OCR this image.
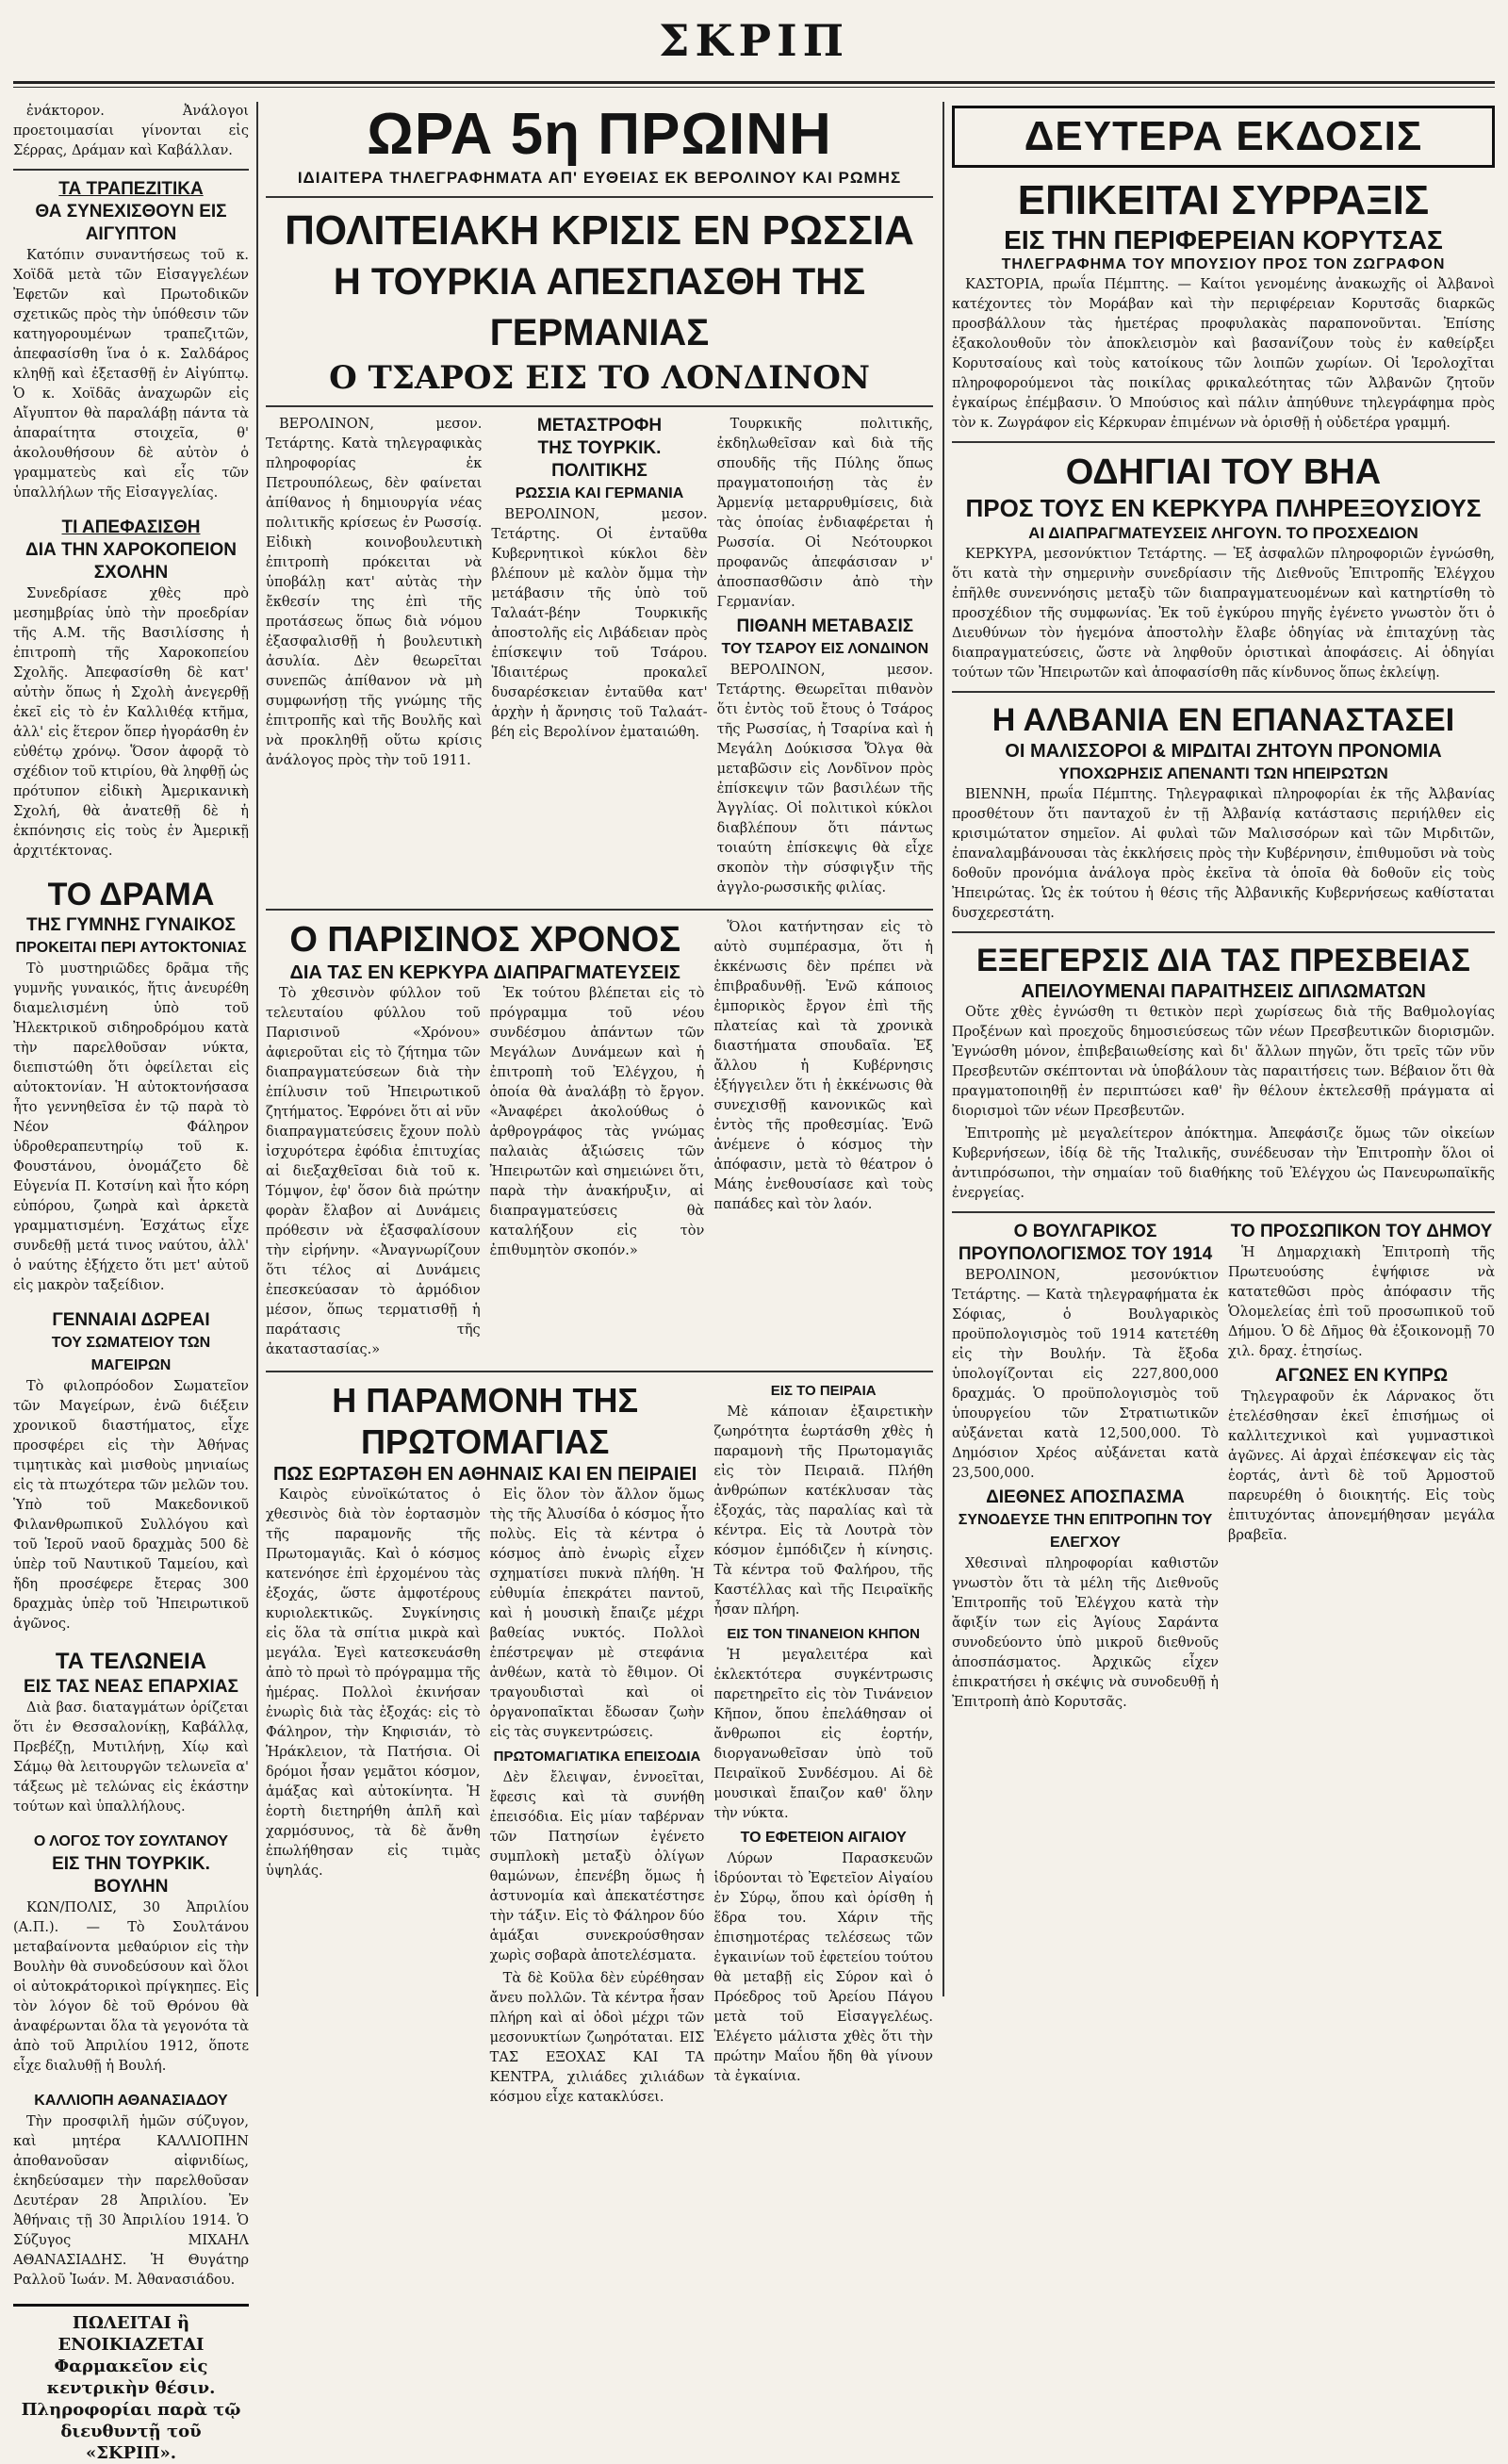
ΣΚΡΙΠ

ἐνάκτορον. Ἀνάλογοι προετοιμασίαι γίνονται εἰς Σέρρας, Δράμαν καὶ Καβάλλαν.

ΤΑ ΤΡΑΠΕΖΙΤΙΚΑ
ΘΑ ΣΥΝΕΧΙΣΘΟΥΝ ΕΙΣ ΑΙΓΥΠΤΟΝ

Κατόπιν συναντήσεως τοῦ κ. Χοϊδᾶ μετὰ τῶν Εἰσαγγελέων Ἐφετῶν καὶ Πρωτοδικῶν σχετικῶς πρὸς τὴν ὑπόθεσιν τῶν κατηγορουμένων τραπεζιτῶν, ἀπεφασίσθη ἵνα ὁ κ. Σαλδάρος κληθῇ καὶ ἐξετασθῇ ἐν Αἰγύπτῳ. Ὁ κ. Χοϊδᾶς ἀναχωρῶν εἰς Αἴγυπτον θὰ παραλάβῃ πάντα τὰ ἀπαραίτητα στοιχεῖα, θ' ἀκολουθήσουν δὲ αὐτὸν ὁ γραμματεὺς καὶ εἷς τῶν ὑπαλλήλων τῆς Εἰσαγγελίας.

ΤΙ ΑΠΕΦΑΣΙΣΘΗ
ΔΙΑ ΤΗΝ ΧΑΡΟΚΟΠΕΙΟΝ ΣΧΟΛΗΝ

Συνεδρίασε χθὲς πρὸ μεσημβρίας ὑπὸ τὴν προεδρίαν τῆς Α.Μ. τῆς Βασιλίσσης ἡ ἐπιτροπὴ τῆς Χαροκοπείου Σχολῆς. Ἀπεφασίσθη δὲ κατ' αὐτὴν ὅπως ἡ Σχολὴ ἀνεγερθῇ ἐκεῖ εἰς τὸ ἐν Καλλιθέᾳ κτῆμα, ἀλλ' εἰς ἕτερον ὅπερ ἠγοράσθη ἐν εὐθέτῳ χρόνῳ. Ὅσον ἀφορᾷ τὸ σχέδιον τοῦ κτιρίου, θὰ ληφθῇ ὡς πρότυπον εἰδικὴ Ἀμερικανικὴ Σχολή, θὰ ἀνατεθῇ δὲ ἡ ἐκπόνησις εἰς τοὺς ἐν Ἀμερικῇ ἀρχιτέκτονας.

ΤΟ ΔΡΑΜΑ
ΤΗΣ ΓΥΜΝΗΣ ΓΥΝΑΙΚΟΣ
ΠΡΟΚΕΙΤΑΙ ΠΕΡΙ ΑΥΤΟΚΤΟΝΙΑΣ

Τὸ μυστηριῶδες δρᾶμα τῆς γυμνῆς γυναικός, ἥτις ἀνευρέθη διαμελισμένη ὑπὸ τοῦ Ἠλεκτρικοῦ σιδηροδρόμου κατὰ τὴν παρελθοῦσαν νύκτα, διεπιστώθη ὅτι ὀφείλεται εἰς αὐτοκτονίαν. Ἡ αὐτοκτονήσασα ἦτο γεννηθεῖσα ἐν τῷ παρὰ τὸ Νέον Φάληρον ὑδροθεραπευτηρίῳ τοῦ κ. Φουστάνου, ὀνομάζετο δὲ Εὐγενία Π. Κοτσίνη καὶ ἦτο κόρη εὐπόρου, ζωηρὰ καὶ ἀρκετὰ γραμματισμένη. Ἐσχάτως εἶχε συνδεθῇ μετά τινος ναύτου, ἀλλ' ὁ ναύτης ἐξήχετο ὅτι μετ' αὐτοῦ εἰς μακρὸν ταξείδιον.

ΓΕΝΝΑΙΑΙ ΔΩΡΕΑΙ
ΤΟΥ ΣΩΜΑΤΕΙΟΥ ΤΩΝ ΜΑΓΕΙΡΩΝ

Τὸ φιλοπρόοδον Σωματεῖον τῶν Μαγείρων, ἐνῶ διέξειν χρονικοῦ διαστήματος, εἶχε προσφέρει εἰς τὴν Ἀθήνας τιμητικὰς καὶ μισθοὺς μηνιαίως εἰς τὰ πτωχότερα τῶν μελῶν του. Ὑπὸ τοῦ Μακεδονικοῦ Φιλανθρωπικοῦ Συλλόγου καὶ τοῦ Ἱεροῦ ναοῦ δραχμὰς 500 δὲ ὑπὲρ τοῦ Ναυτικοῦ Ταμείου, καὶ ἤδη προσέφερε ἔτερας 300 δραχμὰς ὑπὲρ τοῦ Ἠπειρωτικοῦ ἀγῶνος.

ΤΑ ΤΕΛΩΝΕΙΑ
ΕΙΣ ΤΑΣ ΝΕΑΣ ΕΠΑΡΧΙΑΣ

Διὰ βασ. διαταγμάτων ὁρίζεται ὅτι ἐν Θεσσαλονίκῃ, Καβάλλᾳ, Πρεβέζῃ, Μυτιλήνῃ, Χίῳ καὶ Σάμῳ θὰ λειτουργῶν τελωνεῖα α' τάξεως μὲ τελώνας εἰς ἑκάστην τούτων καὶ ὑπαλλήλους.

Ο ΛΟΓΟΣ ΤΟΥ ΣΟΥΛΤΑΝΟΥ
ΕΙΣ ΤΗΝ ΤΟΥΡΚΙΚ. ΒΟΥΛΗΝ

ΚΩΝ/ΠΟΛΙΣ, 30 Ἀπριλίου (Α.Π.). — Τὸ Σουλτάνου μεταβαίνοντα μεθαύριον εἰς τὴν Βουλὴν θὰ συνοδεύσουν καὶ ὅλοι οἱ αὐτοκράτορικοὶ πρίγκηπες. Εἰς τὸν λόγον δὲ τοῦ Θρόνου θὰ ἀναφέρωνται ὅλα τὰ γεγονότα τὰ ἀπὸ τοῦ Ἀπριλίου 1912, ὅποτε εἶχε διαλυθῇ ἡ Βουλή.

ΚΑΛΛΙΟΠΗ ΑΘΑΝΑΣΙΑΔΟΥ

Τὴν προσφιλῆ ἡμῶν σύζυγον, καὶ μητέρα ΚΑΛΛΙΟΠΗΝ ἀποθανοῦσαν αἰφνιδίως, ἐκηδεύσαμεν τὴν παρελθοῦσαν Δευτέραν 28 Ἀπριλίου. Ἐν Ἀθήναις τῇ 30 Ἀπριλίου 1914. Ὁ Σύζυγος ΜΙΧΑΗΛ ΑΘΑΝΑΣΙΑΔΗΣ. Ἡ Θυγάτηρ Ραλλοῦ Ἰωάν. Μ. Ἀθανασιάδου.

ΠΩΛΕΙΤΑΙ ἢ ΕΝΟΙΚΙΑΖΕΤΑΙ Φαρμακεῖον εἰς κεντρικὴν θέσιν. Πληροφορίαι παρὰ τῷ διευθυντῇ τοῦ «ΣΚΡΙΠ».
ΩΡΑ 5η ΠΡΩΙΝΗ
ΙΔΙΑΙΤΕΡΑ ΤΗΛΕΓΡΑΦΗΜΑΤΑ ΑΠ' ΕΥΘΕΙΑΣ ΕΚ ΒΕΡΟΛΙΝΟΥ ΚΑΙ ΡΩΜΗΣ
ΠΟΛΙΤΕΙΑΚΗ ΚΡΙΣΙΣ ΕΝ ΡΩΣΣΙΑ
Η ΤΟΥΡΚΙΑ ΑΠΕΣΠΑΣΘΗ ΤΗΣ ΓΕΡΜΑΝΙΑΣ
Ο ΤΣΑΡΟΣ ΕΙΣ ΤΟ ΛΟΝΔΙΝΟΝ

ΒΕΡΟΛΙΝΟΝ, μεσον. Τετάρτης. Κατὰ τηλεγραφικὰς πληροφορίας ἐκ Πετρουπόλεως, δὲν φαίνεται ἀπίθανος ἡ δημιουργία νέας πολιτικῆς κρίσεως ἐν Ρωσσίᾳ. Εἰδικὴ κοινοβουλευτικὴ ἐπιτροπὴ πρόκειται νὰ ὑποβάλῃ κατ' αὐτὰς τὴν ἔκθεσίν της ἐπὶ τῆς προτάσεως ὅπως διὰ νόμου ἐξασφαλισθῇ ἡ βουλευτικὴ ἀσυλία. Δὲν θεωρεῖται συνεπῶς ἀπίθανον νὰ μὴ συμφωνήσῃ τῆς γνώμης τῆς ἐπιτροπῆς καὶ τῆς Βουλῆς καὶ νὰ προκληθῇ οὕτω κρίσις ἀνάλογος πρὸς τὴν τοῦ 1911.

ΜΕΤΑΣΤΡΟΦΗ
ΤΗΣ ΤΟΥΡΚΙΚ. ΠΟΛΙΤΙΚΗΣ
ΡΩΣΣΙΑ ΚΑΙ ΓΕΡΜΑΝΙΑ

ΒΕΡΟΛΙΝΟΝ, μεσον. Τετάρτης. Οἱ ἐνταῦθα Κυβερνητικοὶ κύκλοι δὲν βλέπουν μὲ καλὸν ὄμμα τὴν μετάβασιν τῆς ὑπὸ τοῦ Ταλαάτ-βέην Τουρκικῆς ἀποστολῆς εἰς Λιβάδειαν πρὸς ἐπίσκεψιν τοῦ Τσάρου. Ἰδιαιτέρως προκαλεῖ δυσαρέσκειαν ἐνταῦθα κατ' ἀρχὴν ἡ ἄρνησις τοῦ Ταλαάτ-βέη εἰς Βερολίνον ἐματαιώθη.

Τουρκικῆς πολιτικῆς, ἐκδηλωθεῖσαν καὶ διὰ τῆς σπουδῆς τῆς Πύλης ὅπως πραγματοποιήσῃ τὰς ἐν Ἀρμενίᾳ μεταρρυθμίσεις, διὰ τὰς ὁποίας ἐνδιαφέρεται ἡ Ρωσσία. Οἱ Νεότουρκοι προφανῶς ἀπεφάσισαν ν' ἀποσπασθῶσιν ἀπὸ τὴν Γερμανίαν.

ΠΙΘΑΝΗ ΜΕΤΑΒΑΣΙΣ
ΤΟΥ ΤΣΑΡΟΥ ΕΙΣ ΛΟΝΔΙΝΟΝ

ΒΕΡΟΛΙΝΟΝ, μεσον. Τετάρτης. Θεωρεῖται πιθανὸν ὅτι ἐντὸς τοῦ ἔτους ὁ Τσάρος τῆς Ρωσσίας, ἡ Τσαρίνα καὶ ἡ Μεγάλη Δούκισσα Ὄλγα θὰ μεταβῶσιν εἰς Λονδῖνον πρὸς ἐπίσκεψιν τῶν βασιλέων τῆς Ἀγγλίας. Οἱ πολιτικοὶ κύκλοι διαβλέπουν ὅτι πάντως τοιαύτη ἐπίσκεψις θὰ εἶχε σκοπὸν τὴν σύσφιγξιν τῆς ἀγγλο-ρωσσικῆς φιλίας.

Ο ΠΑΡΙΣΙΝΟΣ ΧΡΟΝΟΣ
ΔΙΑ ΤΑΣ ΕΝ ΚΕΡΚΥΡΑ ΔΙΑΠΡΑΓΜΑΤΕΥΣΕΙΣ

Τὸ χθεσινὸν φύλλον τοῦ τελευταίου φύλλου τοῦ Παρισινοῦ «Χρόνου» ἀφιεροῦται εἰς τὸ ζήτημα τῶν διαπραγματεύσεων διὰ τὴν ἐπίλυσιν τοῦ Ἠπειρωτικοῦ ζητήματος. Ἐφρόνει ὅτι αἱ νῦν διαπραγματεύσεις ἔχουν πολὺ ἰσχυρότερα ἐφόδια ἐπιτυχίας αἱ διεξαχθεῖσαι διὰ τοῦ κ. Τόμψον, ἐφ' ὅσον διὰ πρώτην φορὰν ἔλαβον αἱ Δυνάμεις πρόθεσιν νὰ ἐξασφαλίσουν τὴν εἰρήνην. «Ἀναγνωρίζουν ὅτι τέλος αἱ Δυνάμεις ἐπεσκεύασαν τὸ ἀρμόδιον μέσον, ὅπως τερματισθῇ ἡ παράτασις τῆς ἀκαταστασίας.»

Ἐκ τούτου βλέπεται εἰς τὸ πρόγραμμα τοῦ νέου συνδέσμου ἀπάντων τῶν Μεγάλων Δυνάμεων καὶ ἡ ἐπιτροπὴ τοῦ Ἐλέγχου, ἡ ὁποία θὰ ἀναλάβῃ τὸ ἔργον. «Ἀναφέρει ἀκολούθως ὁ ἀρθρογράφος τὰς γνώμας παλαιὰς ἀξιώσεις τῶν Ἠπειρωτῶν καὶ σημειώνει ὅτι, παρὰ τὴν ἀνακήρυξιν, αἱ διαπραγματεύσεις θὰ καταλήξουν εἰς τὸν ἐπιθυμητὸν σκοπόν.»

Ὅλοι κατήντησαν εἰς τὸ αὐτὸ συμπέρασμα, ὅτι ἡ ἐκκένωσις δὲν πρέπει νὰ ἐπιβραδυνθῇ. Ἐνῶ κάποιος ἐμπορικὸς ἔργον ἐπὶ τῆς πλατείας καὶ τὰ χρονικὰ διαστήματα σπουδαῖα. Ἐξ ἄλλου ἡ Κυβέρνησις ἐξήγγειλεν ὅτι ἡ ἐκκένωσις θὰ συνεχισθῇ κανονικῶς καὶ ἐντὸς τῆς προθεσμίας. Ἐνῶ ἀνέμενε ὁ κόσμος τὴν ἀπόφασιν, μετὰ τὸ θέατρον ὁ Μάης ἐνεθουσίασε καὶ τοὺς παπάδες καὶ τὸν λαόν.

Η ΠΑΡΑΜΟΝΗ ΤΗΣ ΠΡΩΤΟΜΑΓΙΑΣ
ΠΩΣ ΕΩΡΤΑΣΘΗ ΕΝ ΑΘΗΝΑΙΣ ΚΑΙ ΕΝ ΠΕΙΡΑΙΕΙ

Καιρὸς εὐνοϊκώτατος ὁ χθεσινὸς διὰ τὸν ἑορτασμὸν τῆς παραμονῆς τῆς Πρωτομαγιᾶς. Καὶ ὁ κόσμος κατενόησε ἐπὶ ἐρχομένου τὰς ἐξοχάς, ὥστε ἀμφοτέρους κυριολεκτικῶς. Συγκίνησις εἰς ὅλα τὰ σπίτια μικρὰ καὶ μεγάλα. Ἐγεὶ κατεσκευάσθη ἀπὸ τὸ πρωὶ τὸ πρόγραμμα τῆς ἡμέρας. Πολλοὶ ἐκινήσαν ἐνωρὶς διὰ τὰς ἐξοχάς: εἰς τὸ Φάληρον, τὴν Κηφισιάν, τὸ Ἡράκλειον, τὰ Πατήσια. Οἱ δρόμοι ἦσαν γεμᾶτοι κόσμον, ἁμάξας καὶ αὐτοκίνητα. Ἡ ἑορτὴ διετηρήθη ἁπλῆ καὶ χαρμόσυνος, τὰ δὲ ἄνθη ἐπωλήθησαν εἰς τιμὰς ὑψηλάς.

Εἰς ὅλον τὸν ἄλλον ὅμως τὴς τῆς Ἀλυσίδα ὁ κόσμος ἦτο πολὺς. Εἰς τὰ κέντρα ὁ κόσμος ἀπὸ ἐνωρὶς εἶχεν σχηματίσει πυκνὰ πλήθη. Ἡ εὐθυμία ἐπεκράτει παντοῦ, καὶ ἡ μουσικὴ ἔπαιζε μέχρι βαθείας νυκτός. Πολλοὶ ἐπέστρεψαν μὲ στεφάνια ἀνθέων, κατὰ τὸ ἔθιμον. Οἱ τραγουδισταὶ καὶ οἱ ὀργανοπαῖκται ἔδωσαν ζωὴν εἰς τὰς συγκεντρώσεις.

ΠΡΩΤΟΜΑΓΙΑΤΙΚΑ ΕΠΕΙΣΟΔΙΑ

Δὲν ἔλειψαν, ἐννοεῖται, ἔφεσις καὶ τὰ συνήθη ἐπεισόδια. Εἰς μίαν ταβέρναν τῶν Πατησίων ἐγένετο συμπλοκὴ μεταξὺ ὀλίγων θαμώνων, ἐπενέβη ὅμως ἡ ἀστυνομία καὶ ἀπεκατέστησε τὴν τάξιν. Εἰς τὸ Φάληρον δύο ἁμάξαι συνεκρούσθησαν χωρὶς σοβαρὰ ἀποτελέσματα.

Τὰ δὲ Κοῦλα δὲν εὑρέθησαν ἄνευ πολλῶν. Τὰ κέντρα ἦσαν πλήρη καὶ αἱ ὁδοὶ μέχρι τῶν μεσονυκτίων ζωηρόταται. ΕΙΣ ΤΑΣ ΕΞΟΧΑΣ ΚΑΙ ΤΑ ΚΕΝΤΡΑ, χιλιάδες χιλιάδων κόσμου εἶχε κατακλύσει.

ΕΙΣ ΤΟ ΠΕΙΡΑΙΑ

Μὲ κάποιαν ἐξαιρετικὴν ζωηρότητα ἑωρτάσθη χθὲς ἡ παραμονὴ τῆς Πρωτομαγιᾶς εἰς τὸν Πειραιᾶ. Πλήθη ἀνθρώπων κατέκλυσαν τὰς ἐξοχάς, τὰς παραλίας καὶ τὰ κέντρα. Εἰς τὰ Λουτρὰ τὸν κόσμον ἐμπόδιζεν ἡ κίνησις. Τὰ κέντρα τοῦ Φαλήρου, τῆς Καστέλλας καὶ τῆς Πειραϊκῆς ἦσαν πλήρη.

ΕΙΣ ΤΟΝ ΤΙΝΑΝΕΙΟΝ ΚΗΠΟΝ

Ἡ μεγαλειτέρα καὶ ἐκλεκτότερα συγκέντρωσις παρετηρεῖτο εἰς τὸν Τινάνειον Κῆπον, ὅπου ἐπελάθησαν οἱ ἄνθρωποι εἰς ἑορτήν, διοργανωθεῖσαν ὑπὸ τοῦ Πειραϊκοῦ Συνδέσμου. Αἱ δὲ μουσικαὶ ἔπαιζον καθ' ὅλην τὴν νύκτα.

ΤΟ ΕΦΕΤΕΙΟΝ ΑΙΓΑΙΟΥ

Λύρων Παρασκευῶν ἱδρύονται τὸ Ἐφετεῖον Αἰγαίου ἐν Σύρῳ, ὅπου καὶ ὁρίσθη ἡ ἕδρα του. Χάριν τῆς ἐπισημοτέρας τελέσεως τῶν ἐγκαινίων τοῦ ἐφετείου τούτου θὰ μεταβῇ εἰς Σύρον καὶ ὁ Πρόεδρος τοῦ Ἀρείου Πάγου μετὰ τοῦ Εἰσαγγελέως. Ἐλέγετο μάλιστα χθὲς ὅτι τὴν πρώτην Μαΐου ἤδη θὰ γίνουν τὰ ἐγκαίνια.

ΔΕΥΤΕΡΑ ΕΚΔΟΣΙΣ
ΕΠΙΚΕΙΤΑΙ ΣΥΡΡΑΞΙΣ
ΕΙΣ ΤΗΝ ΠΕΡΙΦΕΡΕΙΑΝ ΚΟΡΥΤΣΑΣ
ΤΗΛΕΓΡΑΦΗΜΑ ΤΟΥ ΜΠΟΥΣΙΟΥ ΠΡΟΣ ΤΟΝ ΖΩΓΡΑΦΟΝ

ΚΑΣΤΟΡΙΑ, πρωΐα Πέμπτης. — Καίτοι γενομένης ἀνακωχῆς οἱ Ἀλβανοὶ κατέχοντες τὸν Μοράβαν καὶ τὴν περιφέρειαν Κορυτσᾶς διαρκῶς προσβάλλουν τὰς ἡμετέρας προφυλακὰς παραπονοῦνται. Ἐπίσης ἐξακολουθοῦν τὸν ἀποκλεισμὸν καὶ βασανίζουν τοὺς ἐν καθείρξει Κορυτσαίους καὶ τοὺς κατοίκους τῶν λοιπῶν χωρίων. Οἱ Ἱερολοχῖται πληροφορούμενοι τὰς ποικίλας φρικαλεότητας τῶν Ἀλβανῶν ζητοῦν ἐγκαίρως ἐπέμβασιν. Ὁ Μπούσιος καὶ πάλιν ἀπηύθυνε τηλεγράφημα πρὸς τὸν κ. Ζωγράφον εἰς Κέρκυραν ἐπιμένων νὰ ὁρισθῇ ἡ οὐδετέρα γραμμή.

ΟΔΗΓΙΑΙ ΤΟΥ ΒΗΑ
ΠΡΟΣ ΤΟΥΣ ΕΝ ΚΕΡΚΥΡΑ ΠΛΗΡΕΞΟΥΣΙΟΥΣ
ΑΙ ΔΙΑΠΡΑΓΜΑΤΕΥΣΕΙΣ ΛΗΓΟΥΝ. ΤΟ ΠΡΟΣΧΕΔΙΟΝ

ΚΕΡΚΥΡΑ, μεσονύκτιον Τετάρτης. — Ἐξ ἀσφαλῶν πληροφοριῶν ἐγνώσθη, ὅτι κατὰ τὴν σημερινὴν συνεδρίασιν τῆς Διεθνοῦς Ἐπιτροπῆς Ἐλέγχου ἐπῆλθε συνεννόησις μεταξὺ τῶν διαπραγματευομένων καὶ κατηρτίσθη τὸ προσχέδιον τῆς συμφωνίας. Ἐκ τοῦ ἐγκύρου πηγῆς ἐγένετο γνωστὸν ὅτι ὁ Διευθύνων τὸν ἡγεμόνα ἀποστολὴν ἔλαβε ὁδηγίας νὰ ἐπιταχύνῃ τὰς διαπραγματεύσεις, ὥστε νὰ ληφθοῦν ὁριστικαὶ ἀποφάσεις. Αἱ ὁδηγίαι τούτων τῶν Ἠπειρωτῶν καὶ ἀποφασίσθη πᾶς κίνδυνος ὅπως ἐκλείψῃ.

Η ΑΛΒΑΝΙΑ ΕΝ ΕΠΑΝΑΣΤΑΣΕΙ
ΟΙ ΜΑΛΙΣΣΟΡΟΙ & ΜΙΡΔΙΤΑΙ ΖΗΤΟΥΝ ΠΡΟΝΟΜΙΑ
ΥΠΟΧΩΡΗΣΙΣ ΑΠΕΝΑΝΤΙ ΤΩΝ ΗΠΕΙΡΩΤΩΝ

ΒΙΕΝΝΗ, πρωΐα Πέμπτης. Τηλεγραφικαὶ πληροφορίαι ἐκ τῆς Ἀλβανίας προσθέτουν ὅτι πανταχοῦ ἐν τῇ Ἀλβανίᾳ κατάστασις περιήλθεν εἰς κρισιμώτατον σημεῖον. Αἱ φυλαὶ τῶν Μαλισσόρων καὶ τῶν Μιρδιτῶν, ἐπαναλαμβάνουσαι τὰς ἐκκλήσεις πρὸς τὴν Κυβέρνησιν, ἐπιθυμοῦσι νὰ τοὺς δοθοῦν προνόμια ἀνάλογα πρὸς ἐκεῖνα τὰ ὁποῖα θὰ δοθοῦν εἰς τοὺς Ἠπειρώτας. Ὡς ἐκ τούτου ἡ θέσις τῆς Ἀλβανικῆς Κυβερνήσεως καθίσταται δυσχερεστάτη.

ΕΞΕΓΕΡΣΙΣ ΔΙΑ ΤΑΣ ΠΡΕΣΒΕΙΑΣ
ΑΠΕΙΛΟΥΜΕΝΑΙ ΠΑΡΑΙΤΗΣΕΙΣ ΔΙΠΛΩΜΑΤΩΝ

Οὔτε χθὲς ἐγνώσθη τι θετικὸν περὶ χωρίσεως διὰ τῆς Βαθμολογίας Προξένων καὶ προεχοῦς δημοσιεύσεως τῶν νέων Πρεσβευτικῶν διορισμῶν. Ἐγνώσθη μόνον, ἐπιβεβαιωθείσης καὶ δι' ἄλλων πηγῶν, ὅτι τρεῖς τῶν νῦν Πρεσβευτῶν σκέπτονται νὰ ὑποβάλουν τὰς παραιτήσεις των. Βέβαιον ὅτι θὰ πραγματοποιηθῇ ἐν περιπτώσει καθ' ἣν θέλουν ἐκτελεσθῇ πράγματα αἱ διορισμοὶ τῶν νέων Πρεσβευτῶν.

Ἐπιτροπὴς μὲ μεγαλείτερον ἀπόκτημα. Ἀπεφάσιζε ὅμως τῶν οἰκείων Κυβερνήσεων, ἰδίᾳ δὲ τῆς Ἰταλικῆς, συνέδευσαν τὴν Ἐπιτροπὴν ὅλοι οἱ ἀντιπρόσωποι, τὴν σημαίαν τοῦ διαθήκης τοῦ Ἐλέγχου ὡς Πανευρωπαϊκῆς ἐνεργείας.

Ο ΒΟΥΛΓΑΡΙΚΟΣ
ΠΡΟΥΠΟΛΟΓΙΣΜΟΣ ΤΟΥ 1914

ΒΕΡΟΛΙΝΟΝ, μεσονύκτιον Τετάρτης. — Κατὰ τηλεγραφήματα ἐκ Σόφιας, ὁ Βουλγαρικὸς προϋπολογισμὸς τοῦ 1914 κατετέθη εἰς τὴν Βουλήν. Τὰ ἔξοδα ὑπολογίζονται εἰς 227,800,000 δραχμάς. Ὁ προϋπολογισμὸς τοῦ ὑπουργείου τῶν Στρατιωτικῶν αὐξάνεται κατὰ 12,500,000. Τὸ Δημόσιον Χρέος αὐξάνεται κατὰ 23,500,000.

ΔΙΕΘΝΕΣ ΑΠΟΣΠΑΣΜΑ
ΣΥΝΟΔΕΥΣΕ ΤΗΝ ΕΠΙΤΡΟΠΗΝ ΤΟΥ ΕΛΕΓΧΟΥ

Χθεσιναὶ πληροφορίαι καθιστῶν γνωστὸν ὅτι τὰ μέλη τῆς Διεθνοῦς Ἐπιτροπῆς τοῦ Ἐλέγχου κατὰ τὴν ἄφιξίν των εἰς Ἁγίους Σαράντα συνοδεύοντο ὑπὸ μικροῦ διεθνοῦς ἀποσπάσματος. Ἀρχικῶς εἶχεν ἐπικρατήσει ἡ σκέψις νὰ συνοδευθῇ ἡ Ἐπιτροπὴ ἀπὸ Κορυτσᾶς.

ΤΟ ΠΡΟΣΩΠΙΚΟΝ ΤΟΥ ΔΗΜΟΥ

Ἡ Δημαρχιακὴ Ἐπιτροπὴ τῆς Πρωτευούσης ἐψήφισε νὰ κατατεθῶσι πρὸς ἀπόφασιν τῆς Ὁλομελείας ἐπὶ τοῦ προσωπικοῦ τοῦ Δήμου. Ὁ δὲ Δῆμος θὰ ἐξοικονομῇ 70 χιλ. δραχ. ἐτησίως.

ΑΓΩΝΕΣ ΕΝ ΚΥΠΡΩ

Τηλεγραφοῦν ἐκ Λάρνακος ὅτι ἐτελέσθησαν ἐκεῖ ἐπισήμως οἱ καλλιτεχνικοὶ καὶ γυμναστικοὶ ἀγῶνες. Αἱ ἀρχαὶ ἐπέσκεψαν εἰς τὰς ἑορτάς, ἀντὶ δὲ τοῦ Ἀρμοστοῦ παρευρέθη ὁ διοικητής. Εἰς τοὺς ἐπιτυχόντας ἀπονεμήθησαν μεγάλα βραβεῖα.
